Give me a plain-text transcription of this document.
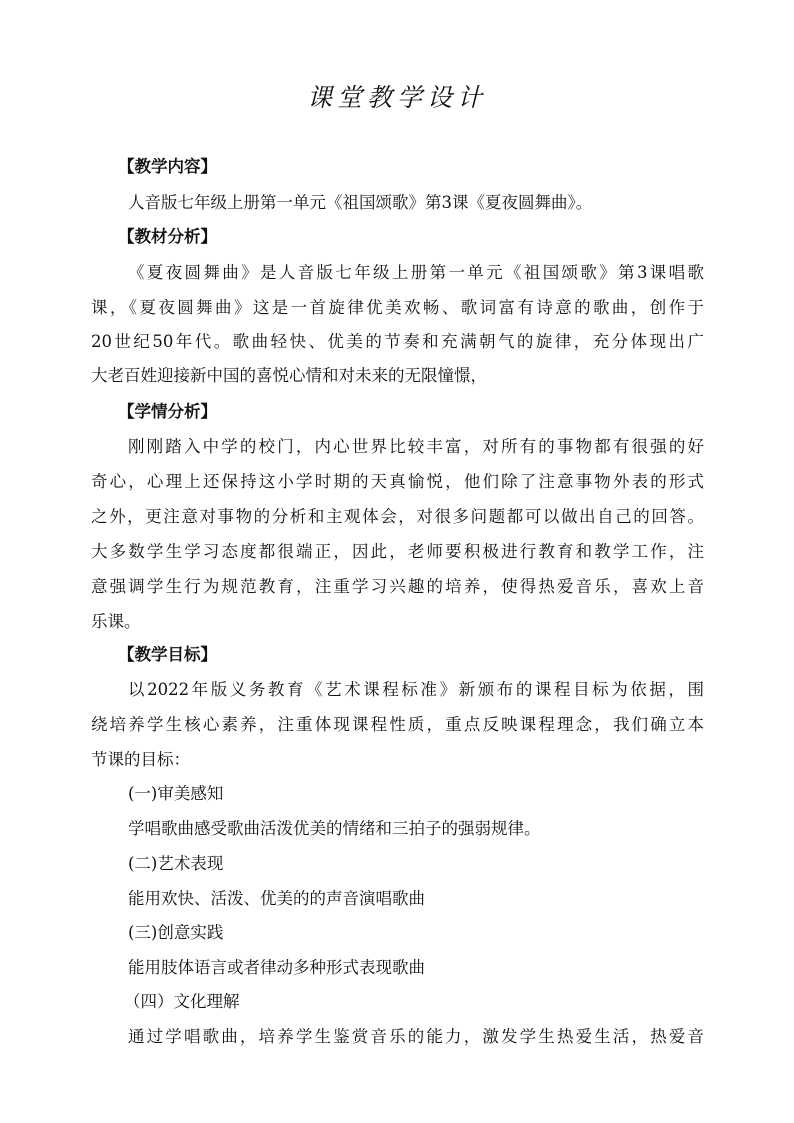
课堂教学设计
【教学内容】
人音版七年级上册第一单元《祖国颂歌》第3课《夏夜圆舞曲》。
【教材分析】
《夏夜圆舞曲》是人音版七年级上册第一单元《祖国颂歌》第3课唱歌
课，《夏夜圆舞曲》这是一首旋律优美欢畅、歌词富有诗意的歌曲，创作于
20世纪50年代。歌曲轻快、优美的节奏和充满朝气的旋律，充分体现出广
大老百姓迎接新中国的喜悦心情和对未来的无限憧憬，
【学情分析】
刚刚踏入中学的校门，内心世界比较丰富，对所有的事物都有很强的好
奇心，心理上还保持这小学时期的天真愉悦，他们除了注意事物外表的形式
之外，更注意对事物的分析和主观体会，对很多问题都可以做出自己的回答。
大多数学生学习态度都很端正，因此，老师要积极进行教育和教学工作，注
意强调学生行为规范教育，注重学习兴趣的培养，使得热爱音乐，喜欢上音
乐课。
【教学目标】
以2022年版义务教育《艺术课程标准》新颁布的课程目标为依据，围
绕培养学生核心素养，注重体现课程性质，重点反映课程理念，我们确立本
节课的目标：
(一)审美感知
学唱歌曲感受歌曲活泼优美的情绪和三拍子的强弱规律。
(二)艺术表现
能用欢快、活泼、优美的的声音演唱歌曲
(三)创意实践
能用肢体语言或者律动多种形式表现歌曲
（四）文化理解
通过学唱歌曲，培养学生鉴赏音乐的能力，激发学生热爱生活，热爱音
